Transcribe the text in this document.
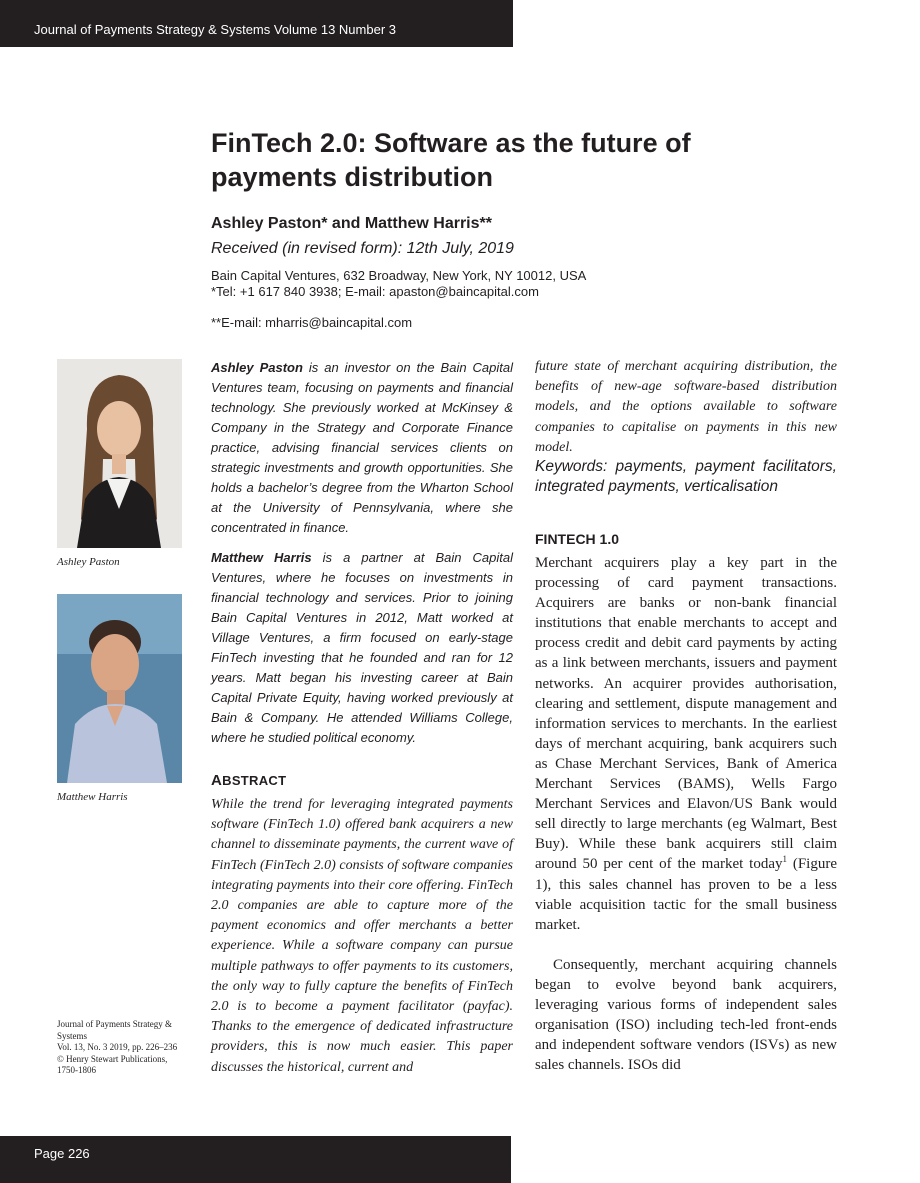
Journal of Payments Strategy & Systems Volume 13 Number 3
FinTech 2.0: Software as the future of
payments distribution
Ashley Paston* and Matthew Harris**
Received (in revised form): 12th July, 2019
Bain Capital Ventures, 632 Broadway, New York, NY 10012, USA
*Tel: +1 617 840 3938; E-mail: apaston@baincapital.com
**E-mail: mharris@baincapital.com
Ashley Paston
Matthew Harris

Ashley Paston is an investor on the Bain Capital Ventures team, focusing on payments and financial technology. She previously worked at McKinsey & Company in the Strategy and Corporate Finance practice, advising financial services clients on strategic investments and growth opportunities. She holds a bachelor’s degree from the Wharton School at the University of Pennsylvania, where she concentrated in finance.

Matthew Harris is a partner at Bain Capital Ventures, where he focuses on investments in financial technology and services. Prior to joining Bain Capital Ventures in 2012, Matt worked at Village Ventures, a firm focused on early-stage FinTech investing that he founded and ran for 12 years. Matt began his investing career at Bain Capital Private Equity, having worked previously at Bain & Company. He attended Williams College, where he studied political economy.

ABSTRACT

While the trend for leveraging integrated payments software (FinTech 1.0) offered bank acquirers a new channel to disseminate payments, the current wave of FinTech (FinTech 2.0) consists of software companies integrating payments into their core offering. FinTech 2.0 companies are able to capture more of the payment economics and offer merchants a better experience. While a software company can pursue multiple pathways to offer payments to its customers, the only way to fully capture the benefits of FinTech 2.0 is to become a payment facilitator (payfac). Thanks to the emergence of dedicated infrastructure providers, this is now much easier. This paper discusses the historical, current and

future state of merchant acquiring distribution, the benefits of new-age software-based distribution models, and the options available to software companies to capitalise on payments in this new model.

Keywords: payments, payment facilitators, integrated payments, verticalisation

FINTECH 1.0

Merchant acquirers play a key part in the processing of card payment transactions. Acquirers are banks or non-bank financial institutions that enable merchants to accept and process credit and debit card payments by acting as a link between merchants, issuers and payment networks. An acquirer provides authorisation, clearing and settlement, dispute management and information services to merchants. In the earliest days of merchant acquiring, bank acquirers such as Chase Merchant Services, Bank of America Merchant Services (BAMS), Wells Fargo Merchant Services and Elavon/US Bank would sell directly to large merchants (eg Walmart, Best Buy). While these bank acquirers still claim around 50 per cent of the market today$^1$ (Figure 1), this sales channel has proven to be a less viable acquisition tactic for the small business market.

Consequently, merchant acquiring channels began to evolve beyond bank acquirers, leveraging various forms of independent sales organisation (ISO) including tech-led front-ends and independent software vendors (ISVs) as new sales channels. ISOs did

Journal of Payments Strategy &
Systems
Vol. 13, No. 3 2019, pp. 226–236
© Henry Stewart Publications,
1750-1806
Page 226
